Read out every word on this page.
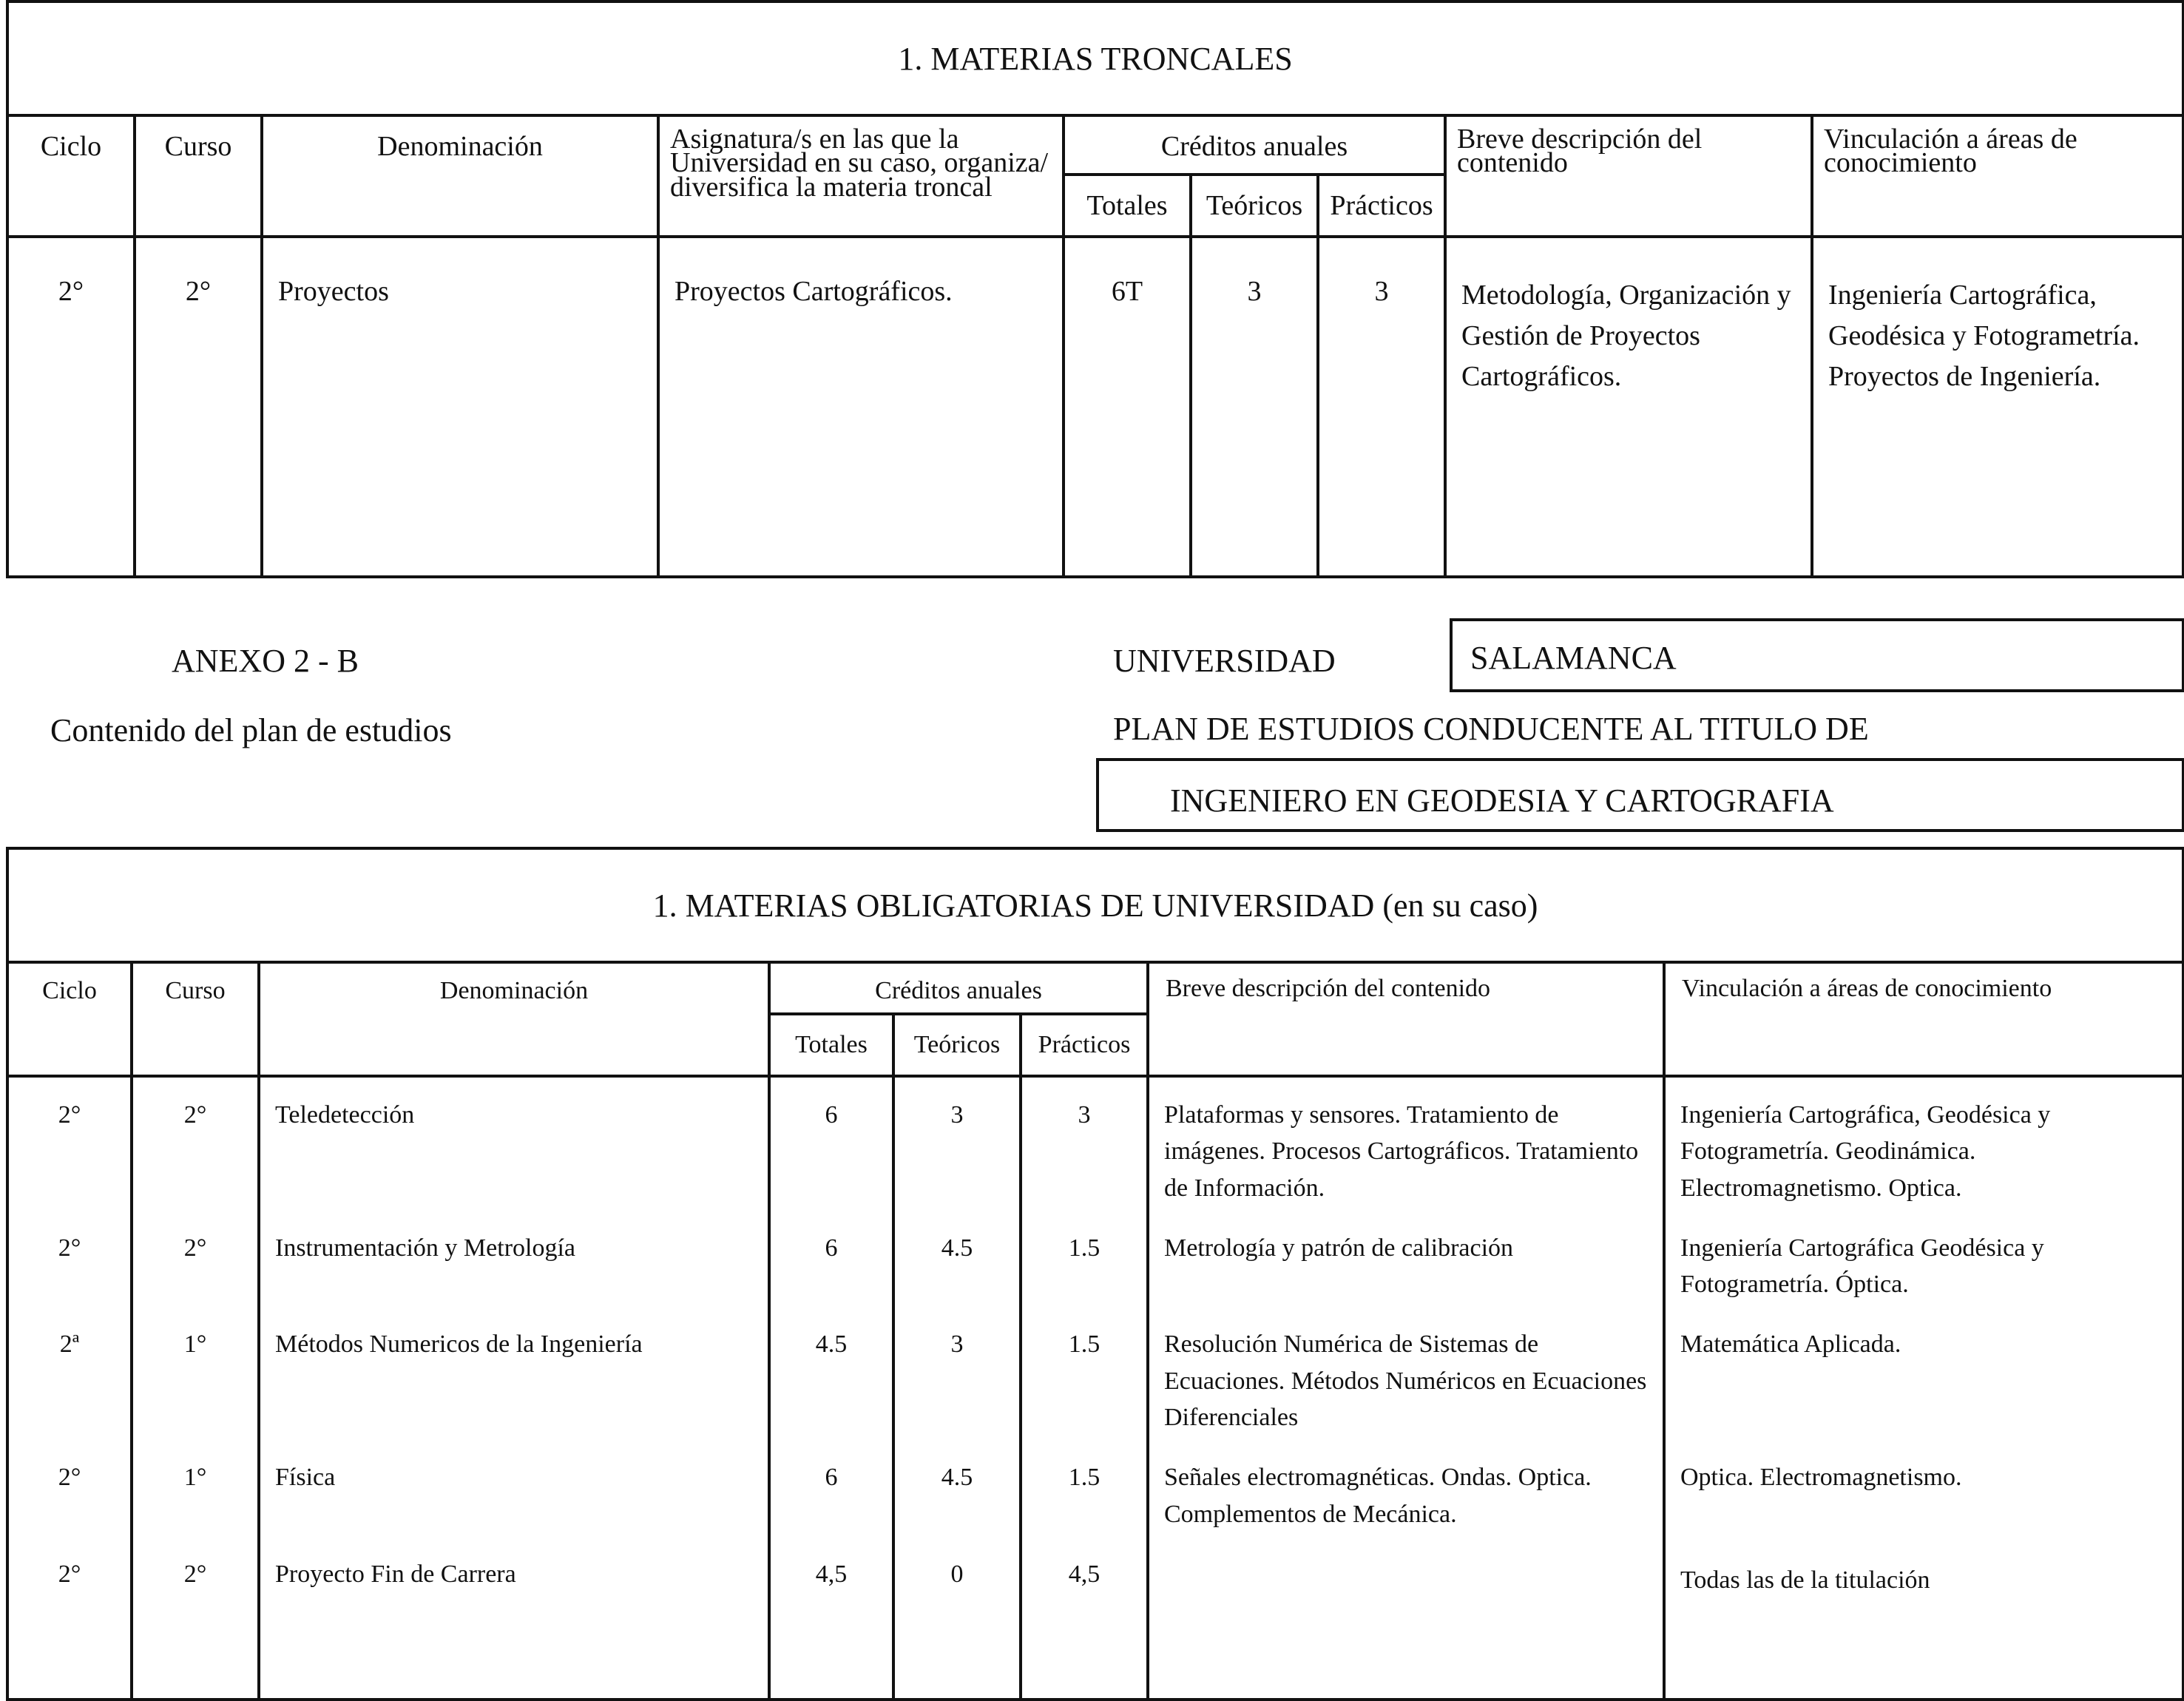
1. MATERIAS TRONCALES								
Ciclo	Curso	Denominación	Asignatura/s en las que la Universidad en su caso, organiza/ diversifica la materia troncal	Créditos anuales			Breve descripción del contenido	Vinculación a áreas de conocimiento
				Totales	Teóricos	Prácticos		
2°	2°	Proyectos	Proyectos Cartográficos.	6T	3	3	Metodología, Organización y Gestión de Proyectos Cartográficos.	Ingeniería Cartográfica, Geodésica y Fotogrametría. Proyectos de Ingeniería.
ANEXO 2 - B
Contenido del plan de estudios
UNIVERSIDAD	SALAMANCA
PLAN DE ESTUDIOS CONDUCENTE AL TITULO DE
INGENIERO EN GEODESIA Y CARTOGRAFIA
1. MATERIAS OBLIGATORIAS DE UNIVERSIDAD (en su caso)							
Ciclo	Curso	Denominación	Créditos anuales			Breve descripción del contenido	Vinculación a áreas de conocimiento
			Totales	Teóricos	Prácticos		
2°	2°	Teledetección	6	3	3	Plataformas y sensores. Tratamiento de imágenes. Procesos Cartográficos. Tratamiento de Información.	Ingeniería Cartográfica, Geodésica y Fotogrametría. Geodinámica. Electromagnetismo. Optica.
2°	2°	Instrumentación y Metrología	6	4.5	1.5	Metrología y patrón de calibración	Ingeniería Cartográfica Geodésica y Fotogrametría. Óptica.
2ª	1°	Métodos Numericos de la Ingeniería	4.5	3	1.5	Resolución Numérica de Sistemas de Ecuaciones. Métodos Numéricos en Ecuaciones Diferenciales	Matemática Aplicada.
2°	1°	Física	6	4.5	1.5	Señales electromagnéticas. Ondas. Optica. Complementos de Mecánica.	Optica. Electromagnetismo.
2°	2°	Proyecto Fin de Carrera	4,5	0	4,5		Todas las de la titulación
